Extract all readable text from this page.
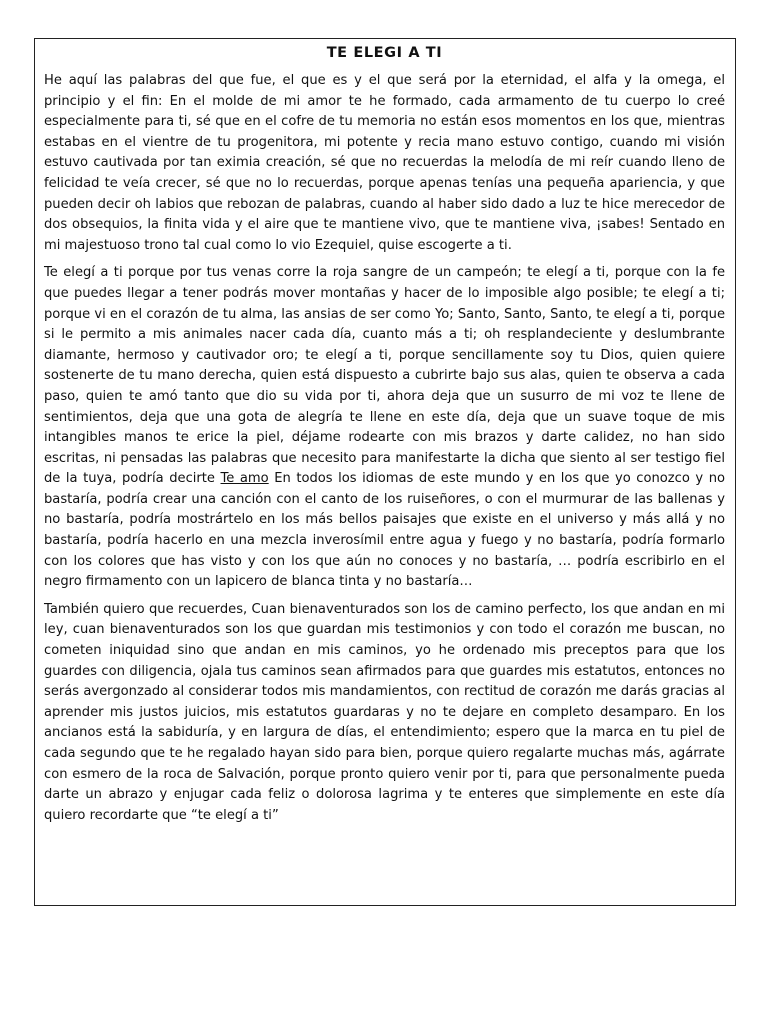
TE ELEGI A TI

He aquí las palabras del que fue, el que es y el que será por la eternidad, el alfa y la omega, el principio y el fin: En el molde de mi amor te he formado, cada armamento de tu cuerpo lo creé especialmente para ti, sé que en el cofre de tu memoria no están esos momentos en los que, mientras estabas en el vientre de tu progenitora, mi potente y recia mano estuvo contigo, cuando mi visión estuvo cautivada por tan eximia creación, sé que no recuerdas la melodía de mi reír cuando lleno de felicidad te veía crecer, sé que no lo recuerdas, porque apenas tenías una pequeña apariencia, y que pueden decir oh labios que rebozan de palabras, cuando al haber sido dado a luz te hice merecedor de dos obsequios, la finita vida y el aire que te mantiene vivo, que te mantiene viva, ¡sabes! Sentado en mi majestuoso trono tal cual como lo vio Ezequiel, quise escogerte a ti.

Te elegí a ti porque por tus venas corre la roja sangre de un campeón; te elegí a ti, porque con la fe que puedes llegar a tener podrás mover montañas y hacer de lo imposible algo posible; te elegí a ti; porque vi en el corazón de tu alma, las ansias de ser como Yo; Santo, Santo, Santo, te elegí a ti, porque si le permito a mis animales nacer cada día, cuanto más a ti; oh resplandeciente y deslumbrante diamante, hermoso y cautivador oro; te elegí a ti, porque sencillamente soy tu Dios, quien quiere sostenerte de tu mano derecha, quien está dispuesto a cubrirte bajo sus alas, quien te observa a cada paso, quien te amó tanto que dio su vida por ti, ahora deja que un susurro de mi voz te llene de sentimientos, deja que una gota de alegría te llene en este día, deja que un suave toque de mis intangibles manos te erice la piel, déjame rodearte con mis brazos y darte calidez, no han sido escritas, ni pensadas las palabras que necesito para manifestarte la dicha que siento al ser testigo fiel de la tuya, podría decirte Te amo En todos los idiomas de este mundo y en los que yo conozco y no bastaría, podría crear una canción con el canto de los ruiseñores, o con el murmurar de las ballenas y no bastaría, podría mostrártelo en los más bellos paisajes que existe en el universo y más allá y no bastaría, podría hacerlo en una mezcla inverosímil entre agua y fuego y no bastaría, podría formarlo con los colores que has visto y con los que aún no conoces y no bastaría, … podría escribirlo en el negro firmamento con un lapicero de blanca tinta y no bastaría…

También quiero que recuerdes, Cuan bienaventurados son los de camino perfecto, los que andan en mi ley, cuan bienaventurados son los que guardan mis testimonios y con todo el corazón me buscan, no cometen iniquidad sino que andan en mis caminos, yo he ordenado mis preceptos para que los guardes con diligencia, ojala tus caminos sean afirmados para que guardes mis estatutos, entonces no serás avergonzado al considerar todos mis mandamientos, con rectitud de corazón me darás gracias al aprender mis justos juicios, mis estatutos guardaras y no te dejare en completo desamparo. En los ancianos está la sabiduría, y en largura de días, el entendimiento; espero que la marca en tu piel de cada segundo que te he regalado hayan sido para bien, porque quiero regalarte muchas más, agárrate con esmero de la roca de Salvación, porque pronto quiero venir por ti, para que personalmente pueda darte un abrazo y enjugar cada feliz o dolorosa lagrima y te enteres que simplemente en este día quiero recordarte que “te elegí a ti”
